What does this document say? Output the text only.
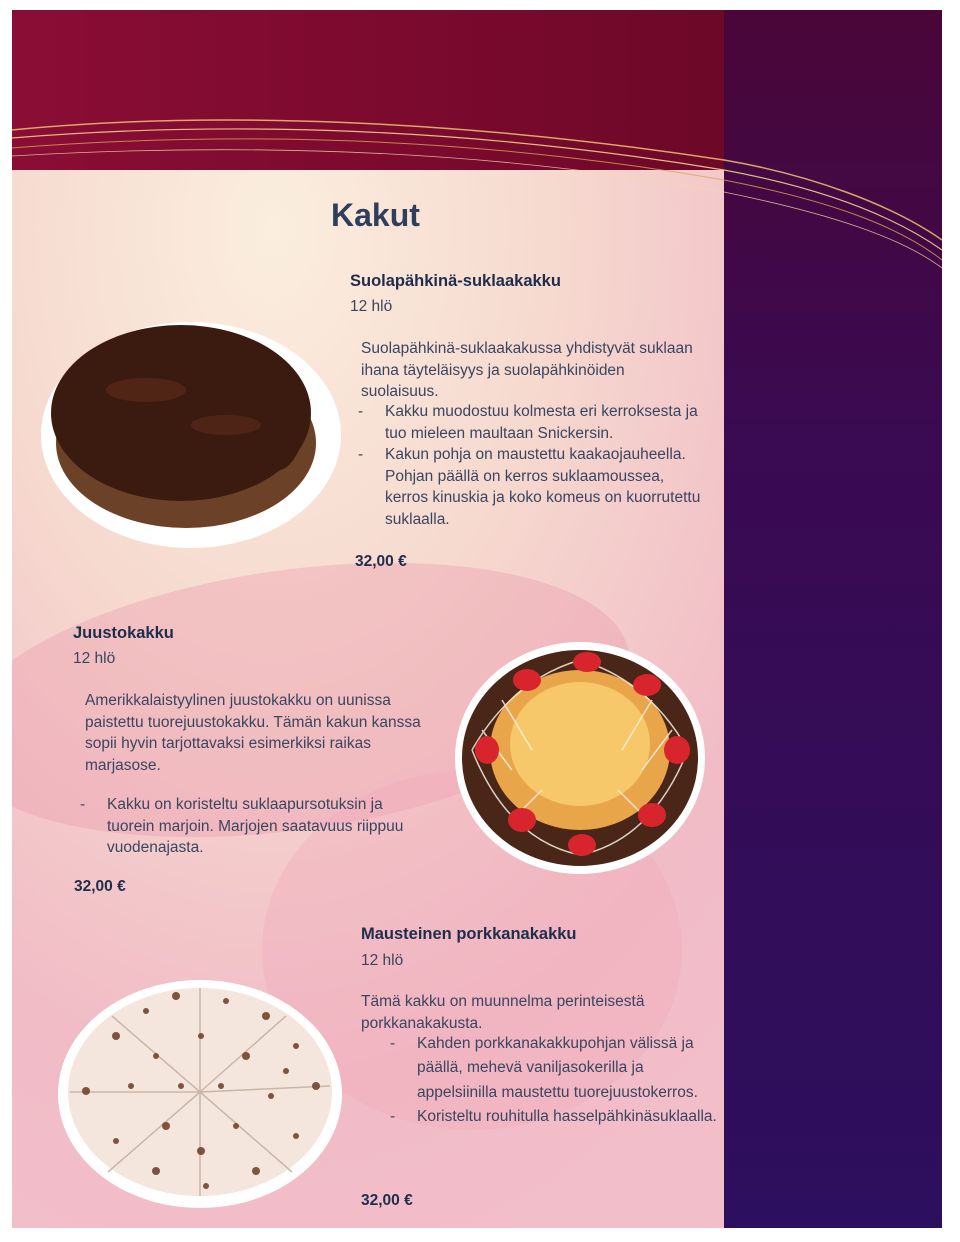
Kakut
Suolapähkinä-suklaakakku
12 hlö
Suolapähkinä-suklaakakussa yhdistyvät suklaan ihana täyteläisyys ja suolapähkinöiden suolaisuus.
- Kakku muodostuu kolmesta eri kerroksesta ja tuo mieleen maultaan Snickersin.
- Kakun pohja on maustettu kaakaojauheella. Pohjan päällä on kerros suklaamoussea, kerros kinuskia ja koko komeus on kuorrutettu suklaalla.
32,00 €
Juustokakku
12 hlö
Amerikkalaistyylinen juustokakku on uunissa paistettu tuorejuustokakku. Tämän kakun kanssa sopii hyvin tarjottavaksi esimerkiksi raikas marjasose.
- Kakku on koristeltu suklaapursotuksin ja tuorein marjoin. Marjojen saatavuus riippuu vuodenajasta.
32,00 €
Mausteinen porkkanakakku
12 hlö
Tämä kakku on muunnelma perinteisestä porkkanakakusta.
- Kahden porkkanakakkupohjan välissä ja päällä, mehevä vaniljasokerilla ja appelsiinilla maustettu tuorejuustokerros.
- Koristeltu rouhitulla hasselpähkinäsuklaalla.
32,00 €
